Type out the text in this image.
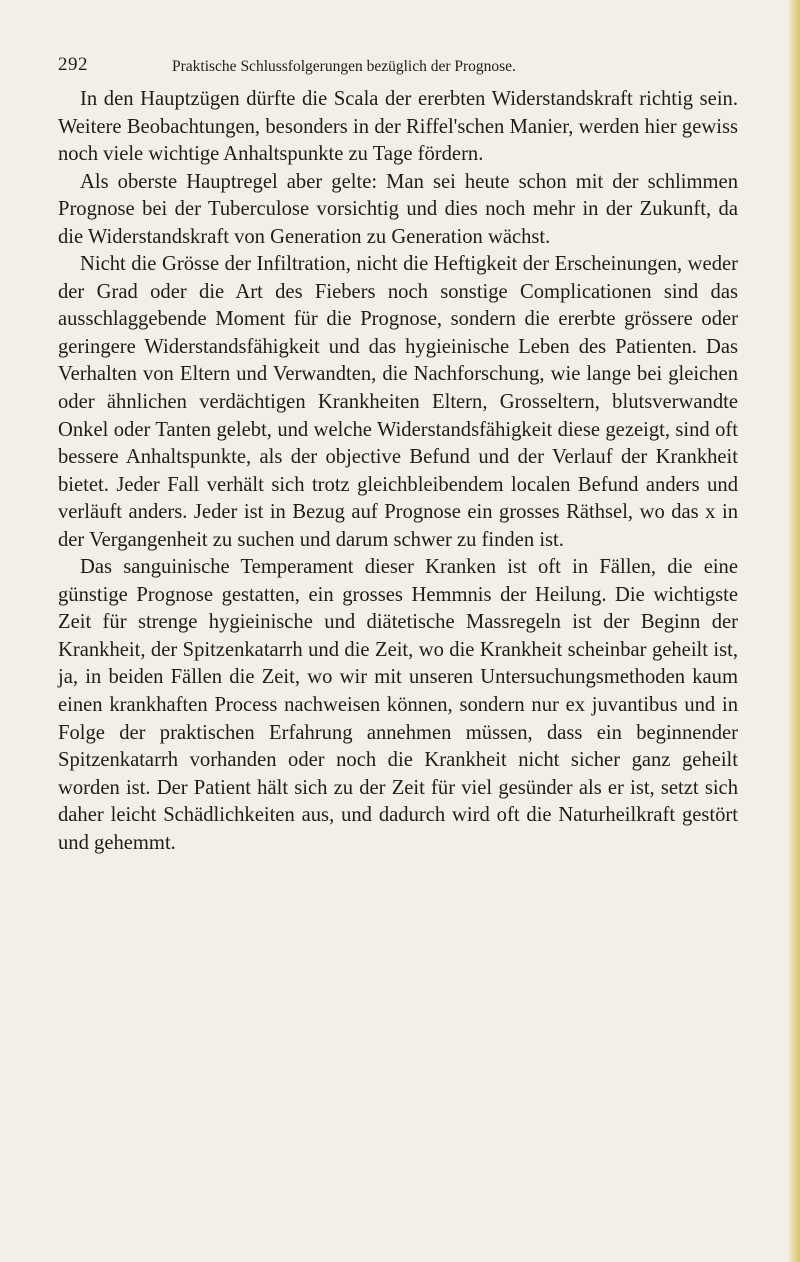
292	Praktische Schlussfolgerungen bezüglich der Prognose.

In den Hauptzügen dürfte die Scala der ererbten Widerstandskraft richtig sein. Weitere Beobachtungen, besonders in der Riffel'schen Manier, werden hier gewiss noch viele wichtige Anhaltspunkte zu Tage fördern.

Als oberste Hauptregel aber gelte: Man sei heute schon mit der schlimmen Prognose bei der Tuberculose vorsichtig und dies noch mehr in der Zukunft, da die Widerstandskraft von Generation zu Generation wächst.

Nicht die Grösse der Infiltration, nicht die Heftigkeit der Erscheinungen, weder der Grad oder die Art des Fiebers noch sonstige Complicationen sind das ausschlaggebende Moment für die Prognose, sondern die ererbte grössere oder geringere Widerstandsfähigkeit und das hygieinische Leben des Patienten. Das Verhalten von Eltern und Verwandten, die Nachforschung, wie lange bei gleichen oder ähnlichen verdächtigen Krankheiten Eltern, Grosseltern, blutsverwandte Onkel oder Tanten gelebt, und welche Widerstandsfähigkeit diese gezeigt, sind oft bessere Anhaltspunkte, als der objective Befund und der Verlauf der Krankheit bietet. Jeder Fall verhält sich trotz gleichbleibendem localen Befund anders und verläuft anders. Jeder ist in Bezug auf Prognose ein grosses Räthsel, wo das x in der Vergangenheit zu suchen und darum schwer zu finden ist.

Das sanguinische Temperament dieser Kranken ist oft in Fällen, die eine günstige Prognose gestatten, ein grosses Hemmnis der Heilung. Die wichtigste Zeit für strenge hygieinische und diätetische Massregeln ist der Beginn der Krankheit, der Spitzenkatarrh und die Zeit, wo die Krankheit scheinbar geheilt ist, ja, in beiden Fällen die Zeit, wo wir mit unseren Untersuchungsmethoden kaum einen krankhaften Process nachweisen können, sondern nur ex juvantibus und in Folge der praktischen Erfahrung annehmen müssen, dass ein beginnender Spitzenkatarrh vorhanden oder noch die Krankheit nicht sicher ganz geheilt worden ist. Der Patient hält sich zu der Zeit für viel gesünder als er ist, setzt sich daher leicht Schädlichkeiten aus, und dadurch wird oft die Naturheilkraft gestört und gehemmt.
